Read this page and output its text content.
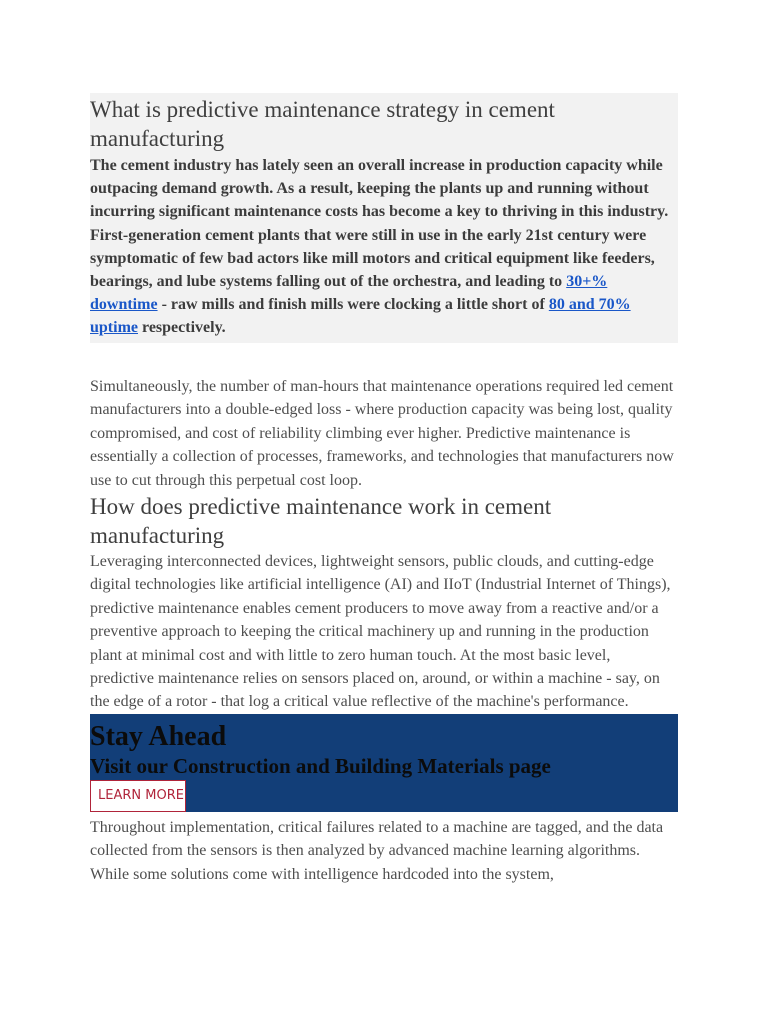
What is predictive maintenance strategy in cement manufacturing

The cement industry has lately seen an overall increase in production capacity while outpacing demand growth. As a result, keeping the plants up and running without incurring significant maintenance costs has become a key to thriving in this industry. First-generation cement plants that were still in use in the early 21st century were symptomatic of few bad actors like mill motors and critical equipment like feeders, bearings, and lube systems falling out of the orchestra, and leading to 30+% downtime - raw mills and finish mills were clocking a little short of 80 and 70% uptime respectively.

Simultaneously, the number of man-hours that maintenance operations required led cement manufacturers into a double-edged loss - where production capacity was being lost, quality compromised, and cost of reliability climbing ever higher. Predictive maintenance is essentially a collection of processes, frameworks, and technologies that manufacturers now use to cut through this perpetual cost loop.

How does predictive maintenance work in cement manufacturing

Leveraging interconnected devices, lightweight sensors, public clouds, and cutting-edge digital technologies like artificial intelligence (AI) and IIoT (Industrial Internet of Things), predictive maintenance enables cement producers to move away from a reactive and/or a preventive approach to keeping the critical machinery up and running in the production plant at minimal cost and with little to zero human touch. At the most basic level, predictive maintenance relies on sensors placed on, around, or within a machine - say, on the edge of a rotor - that log a critical value reflective of the machine's performance.

Stay Ahead
Visit our Construction and Building Materials page
LEARN MORE

Throughout implementation, critical failures related to a machine are tagged, and the data collected from the sensors is then analyzed by advanced machine learning algorithms. While some solutions come with intelligence hardcoded into the system,
